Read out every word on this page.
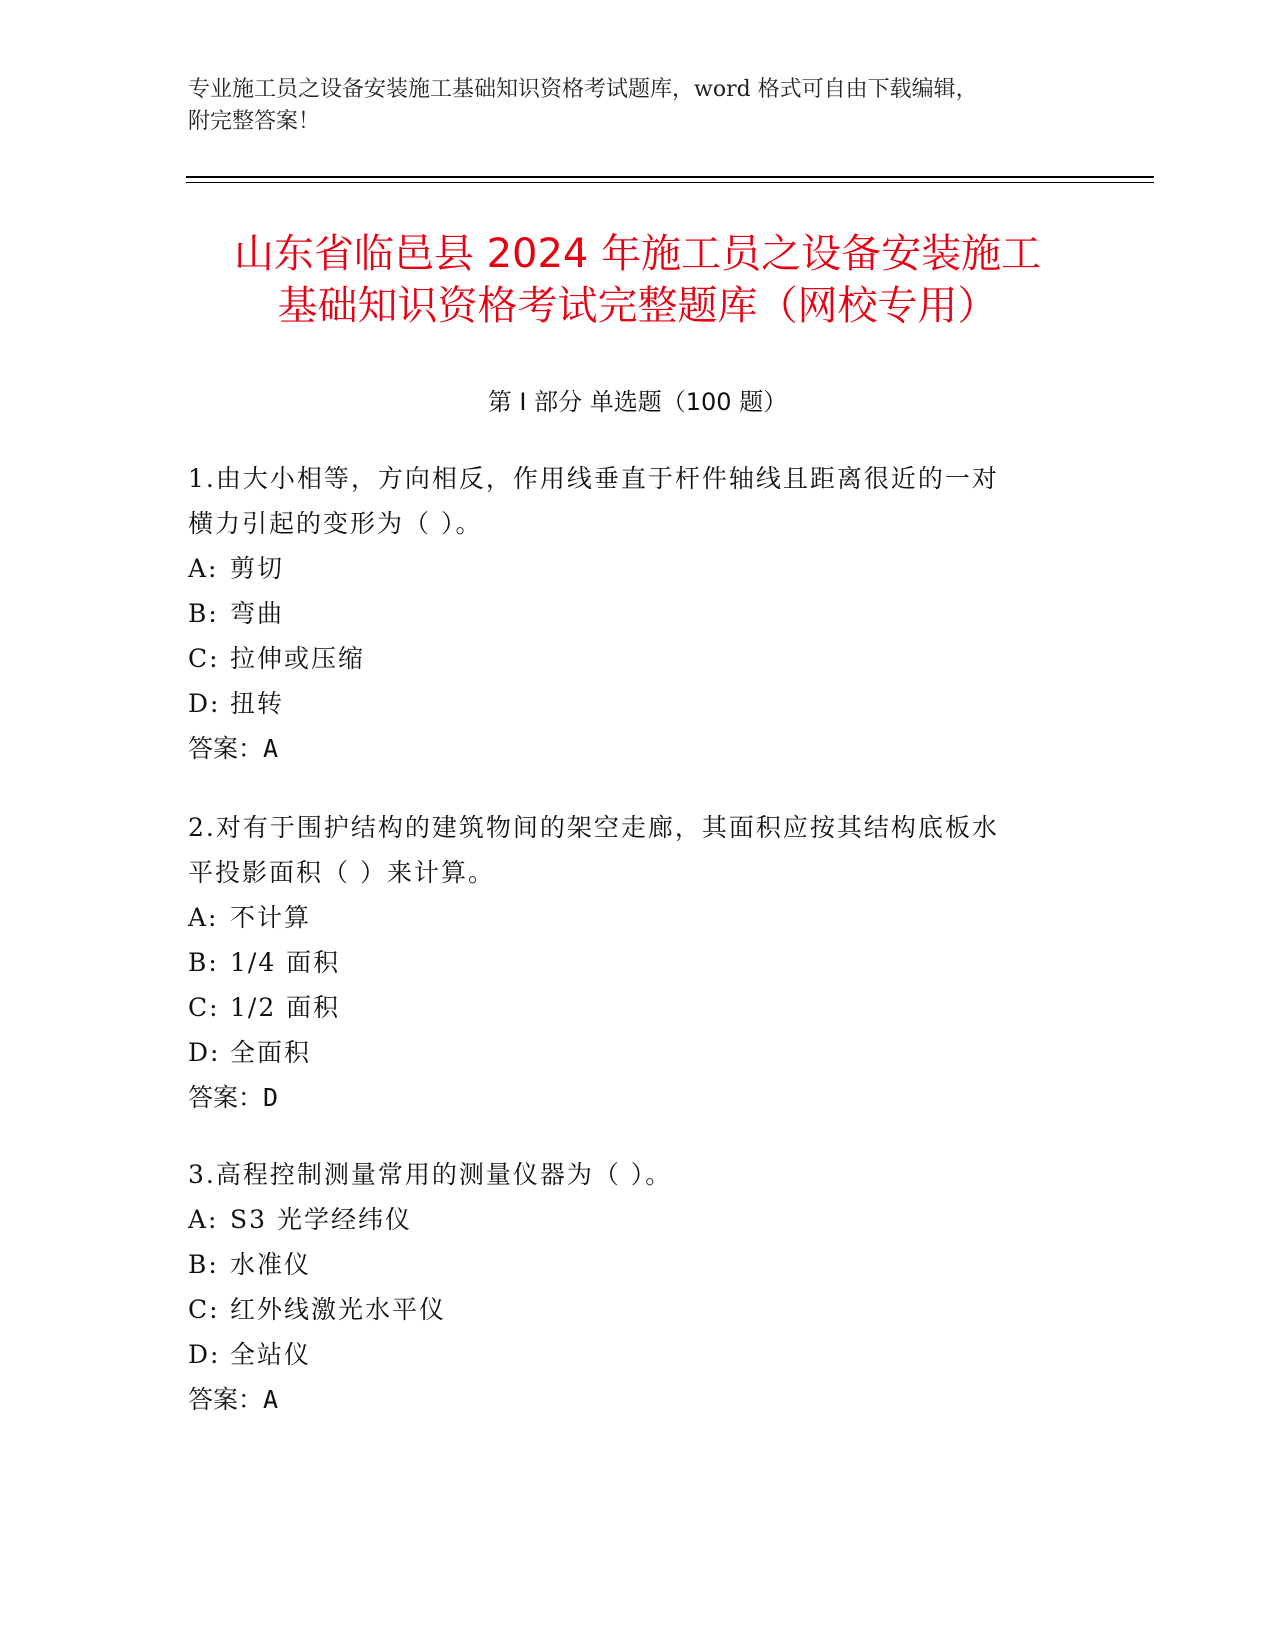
专业施工员之设备安装施工基础知识资格考试题库，word 格式可自由下载编辑，
附完整答案！
山东省临邑县 2024 年施工员之设备安装施工
基础知识资格考试完整题库（网校专用）
第 I 部分 单选题（100 题）
1.由大小相等，方向相反，作用线垂直于杆件轴线且距离很近的一对
横力引起的变形为（ ）。
A: 剪切
B: 弯曲
C: 拉伸或压缩
D: 扭转
答案：A
2.对有于围护结构的建筑物间的架空走廊，其面积应按其结构底板水
平投影面积（ ）来计算。
A: 不计算
B: 1/4 面积
C: 1/2 面积
D: 全面积
答案：D
3.高程控制测量常用的测量仪器为（ ）。
A: S3 光学经纬仪
B: 水准仪
C: 红外线激光水平仪
D: 全站仪
答案：A
